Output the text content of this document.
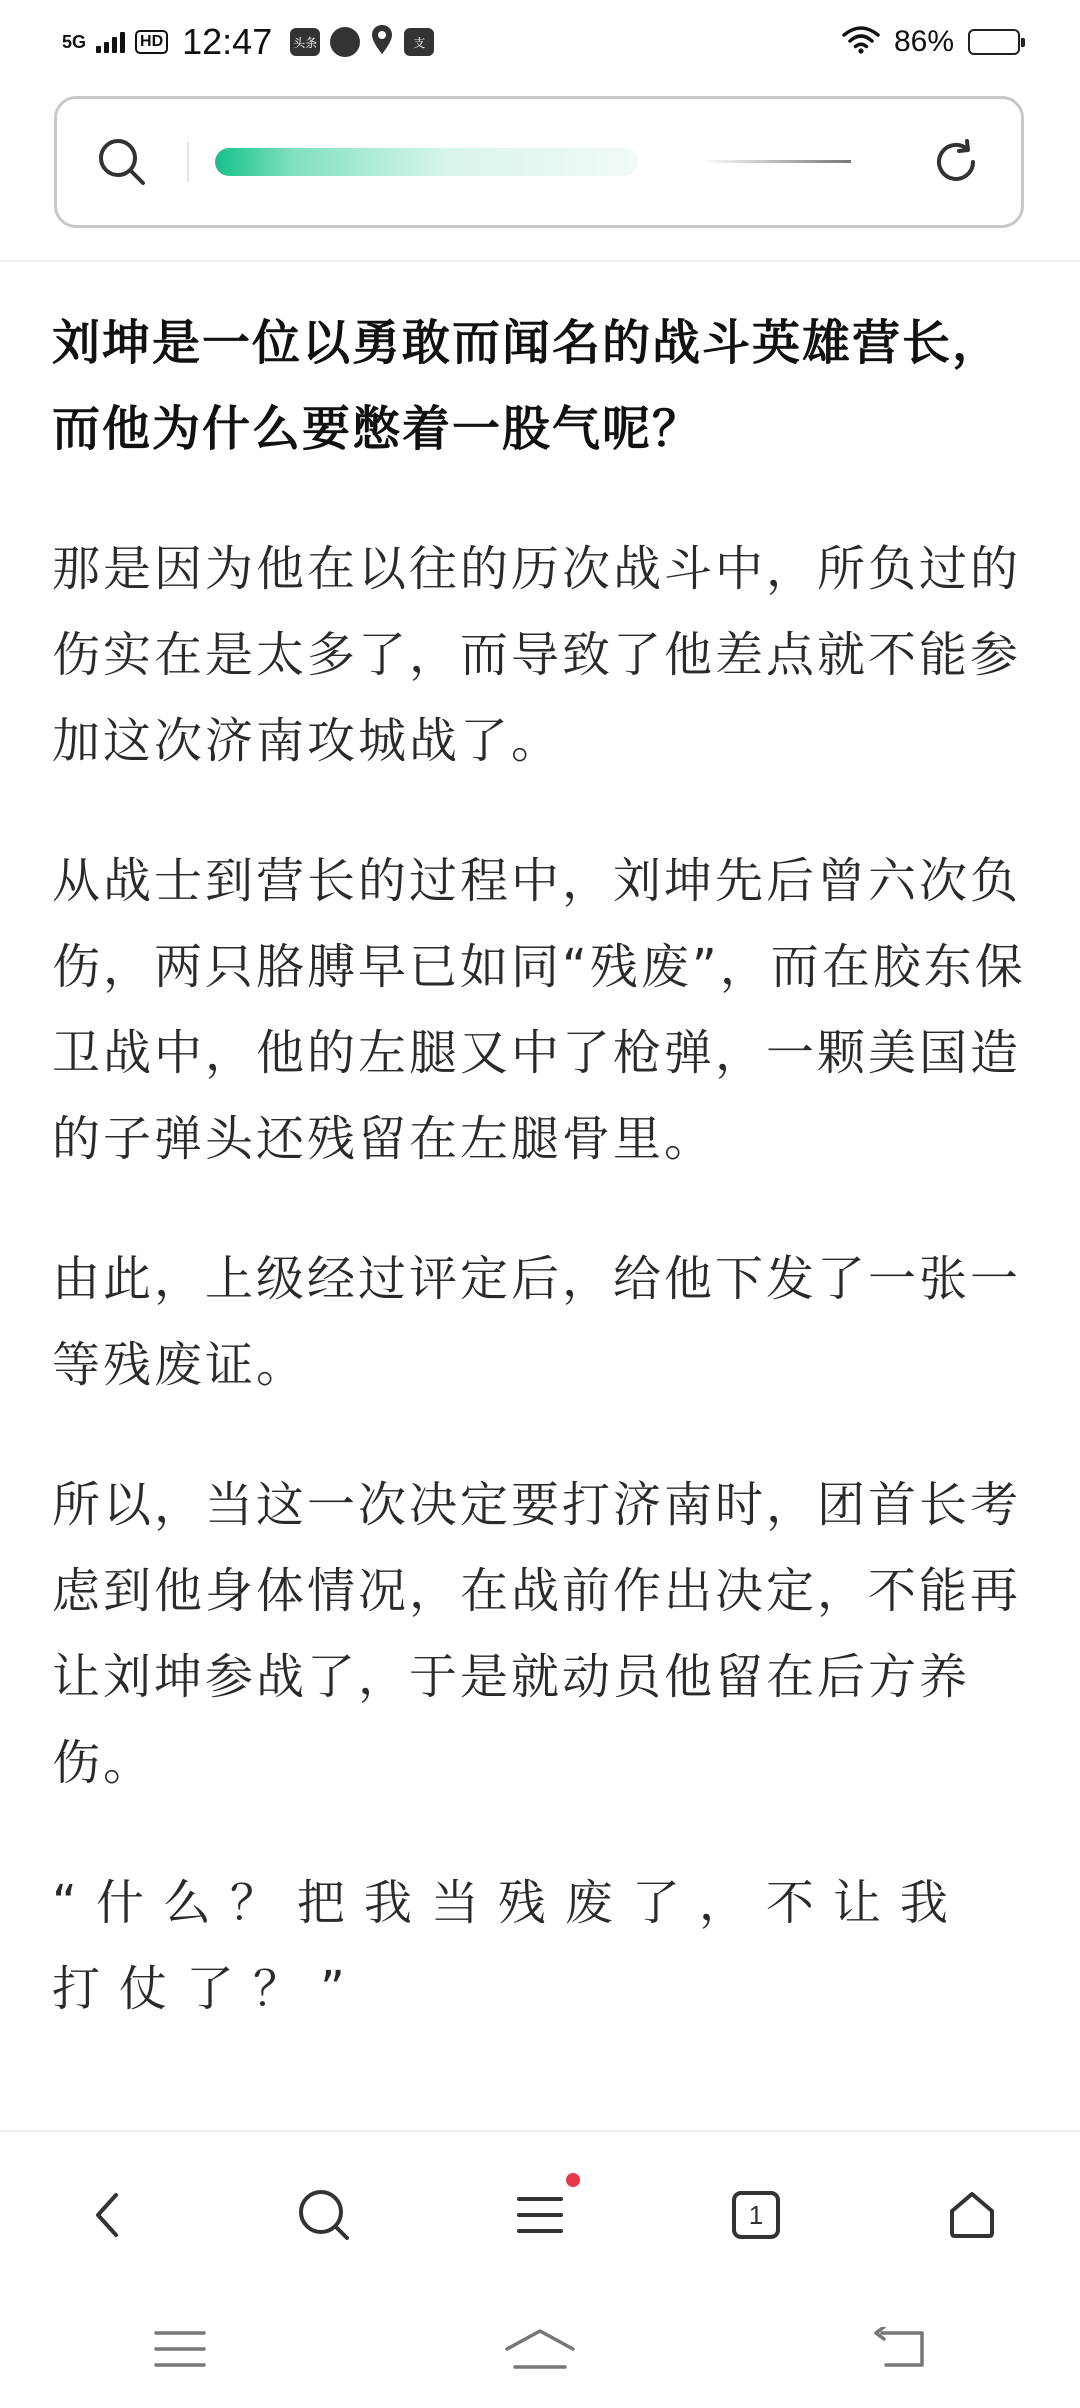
5G	HD 12:47 头条	支	86%
刘坤是一位以勇敢而闻名的战斗英雄营长，而他为什么要憋着一股气呢？

那是因为他在以往的历次战斗中，所负过的伤实在是太多了，而导致了他差点就不能参加这次济南攻城战了。

从战士到营长的过程中，刘坤先后曾六次负伤，两只胳膊早已如同“残废”，而在胶东保卫战中，他的左腿又中了枪弹，一颗美国造的子弹头还残留在左腿骨里。

由此，上级经过评定后，给他下发了一张一等残废证。

所以，当这一次决定要打济南时，团首长考虑到他身体情况，在战前作出决定，不能再让刘坤参战了，于是就动员他留在后方养伤。

“什么？把我当残废了，不让我打仗了？”

1
